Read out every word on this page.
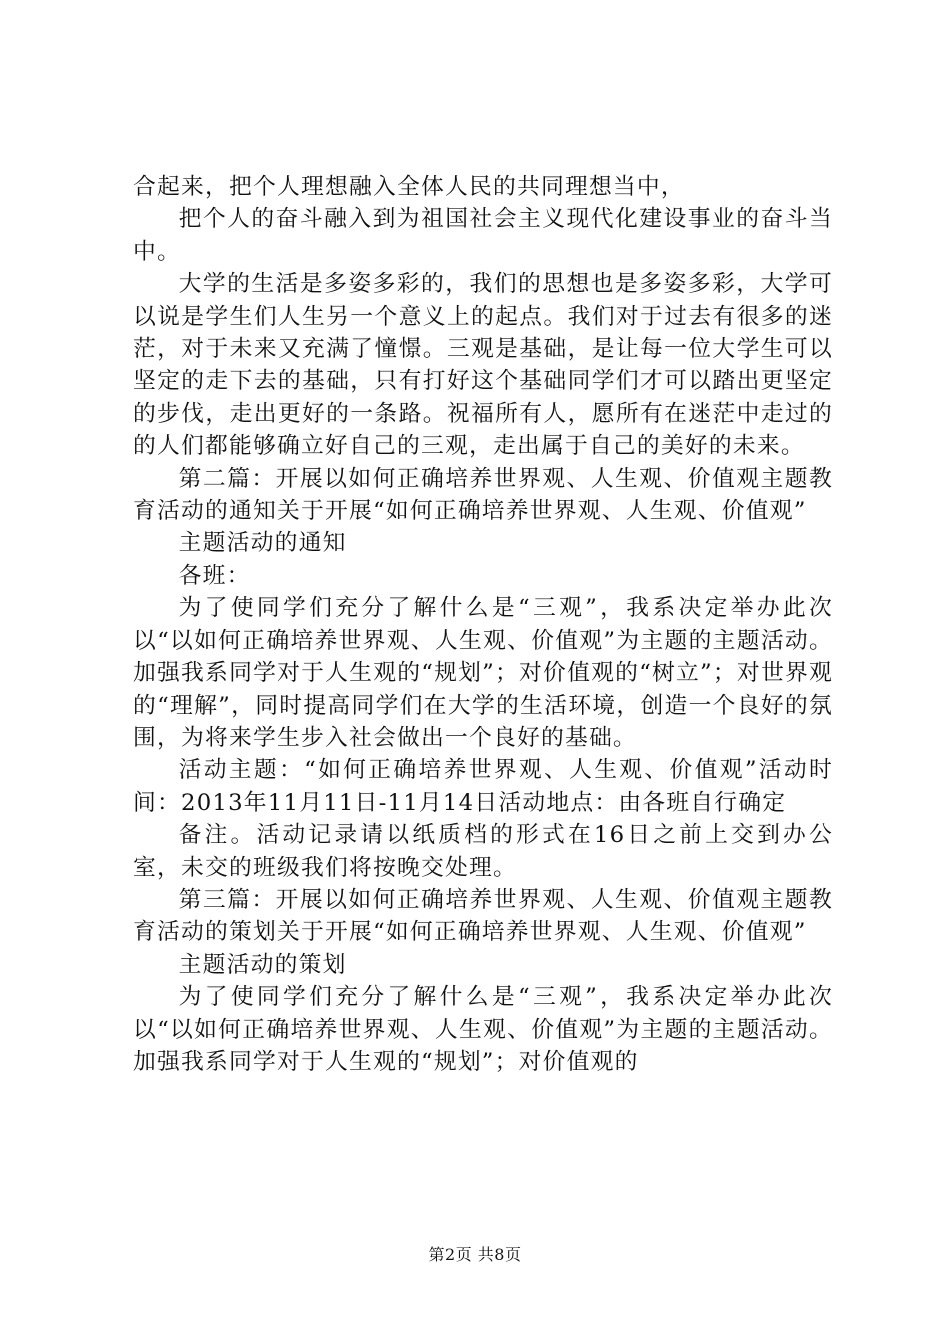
合起来，把个人理想融入全体人民的共同理想当中，

把个人的奋斗融入到为祖国社会主义现代化建设事业的奋斗当中。

大学的生活是多姿多彩的，我们的思想也是多姿多彩，大学可以说是学生们人生另一个意义上的起点。我们对于过去有很多的迷茫，对于未来又充满了憧憬。三观是基础，是让每一位大学生可以坚定的走下去的基础，只有打好这个基础同学们才可以踏出更坚定的步伐，走出更好的一条路。祝福所有人，愿所有在迷茫中走过的的人们都能够确立好自己的三观，走出属于自己的美好的未来。

第二篇：开展以如何正确培养世界观、人生观、价值观主题教育活动的通知关于开展“如何正确培养世界观、人生观、价值观”

主题活动的通知

各班：

为了使同学们充分了解什么是“三观”，我系决定举办此次以“以如何正确培养世界观、人生观、价值观”为主题的主题活动。加强我系同学对于人生观的“规划”；对价值观的“树立”；对世界观的“理解”，同时提高同学们在大学的生活环境，创造一个良好的氛围，为将来学生步入社会做出一个良好的基础。

活动主题：“如何正确培养世界观、人生观、价值观”活动时间：2013年11月11日-11月14日活动地点：由各班自行确定

备注。活动记录请以纸质档的形式在16日之前上交到办公室，未交的班级我们将按晚交处理。

第三篇：开展以如何正确培养世界观、人生观、价值观主题教育活动的策划关于开展“如何正确培养世界观、人生观、价值观”

主题活动的策划

为了使同学们充分了解什么是“三观”，我系决定举办此次以“以如何正确培养世界观、人生观、价值观”为主题的主题活动。加强我系同学对于人生观的“规划”；对价值观的

第2页 共8页
